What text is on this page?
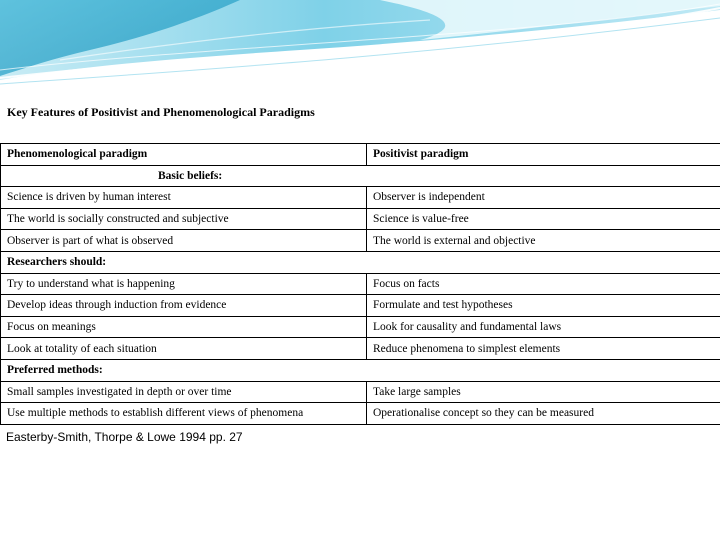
Key Features of Positivist and Phenomenological Paradigms
Phenomenological paradigm	Positivist paradigm
Basic beliefs:	
Science is driven by human interest	Observer is independent
The world is socially constructed and subjective	Science is value-free
Observer is part of what is observed	The world is external and objective
Researchers should:	
Try to understand what is happening	Focus on facts
Develop ideas through induction from evidence	Formulate and test hypotheses
Focus on meanings	Look for causality and fundamental laws
Look at totality of each situation	Reduce phenomena to simplest elements
Preferred methods:	
Small samples investigated in depth or over time	Take large samples
Use multiple methods to establish different views of phenomena	Operationalise concept so they can be measured
Easterby-Smith, Thorpe & Lowe 1994 pp. 27
